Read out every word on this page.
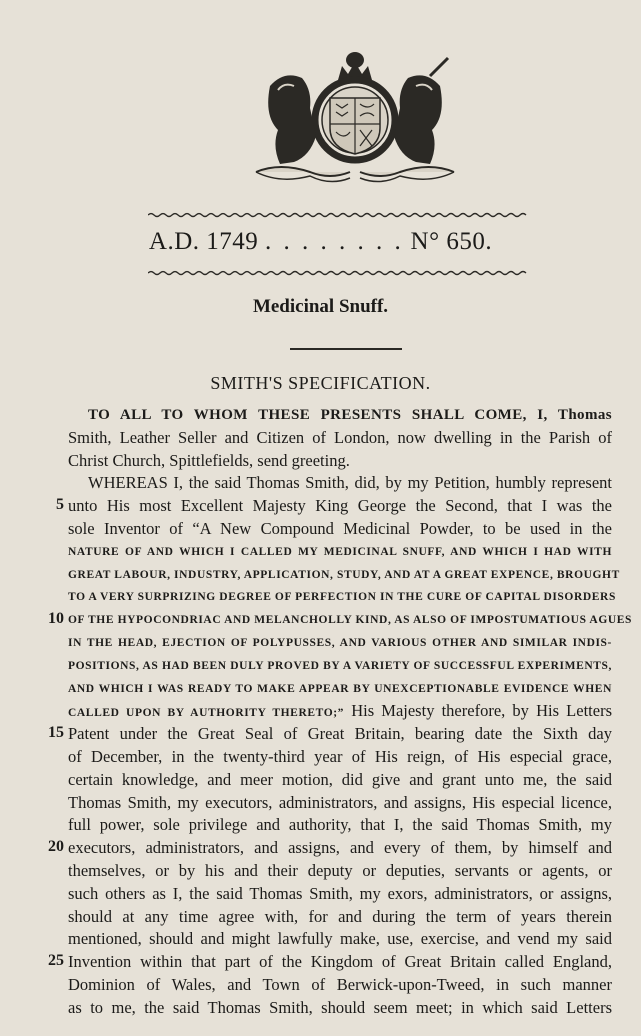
A.D. 1749 . . . . . . . . N° 650.
Medicinal Snuff.
SMITH'S SPECIFICATION.
TO ALL TO WHOM THESE PRESENTS SHALL COME, I, Thomas
Smith, Leather Seller and Citizen of London, now dwelling in the Parish of
Christ Church, Spittlefields, send greeting.
WHEREAS I, the said Thomas Smith, did, by my Petition, humbly represent
5 unto His most Excellent Majesty King George the Second, that I was the
sole Inventor of “A New Compound Medicinal Powder, to be used in the
NATURE OF AND WHICH I CALLED MY MEDICINAL SNUFF, AND WHICH I HAD WITH
GREAT LABOUR, INDUSTRY, APPLICATION, STUDY, AND AT A GREAT EXPENCE, BROUGHT
TO A VERY SURPRIZING DEGREE OF PERFECTION IN THE CURE OF CAPITAL DISORDERS
10 OF THE HYPOCONDRIAC AND MELANCHOLLY KIND, AS ALSO OF IMPOSTUMATIOUS AGUES
IN THE HEAD, EJECTION OF POLYPUSSES, AND VARIOUS OTHER AND SIMILAR INDIS-
POSITIONS, AS HAD BEEN DULY PROVED BY A VARIETY OF SUCCESSFUL EXPERIMENTS,
AND WHICH I WAS READY TO MAKE APPEAR BY UNEXCEPTIONABLE EVIDENCE WHEN
CALLED UPON BY AUTHORITY THERETO;” His Majesty therefore, by His Letters
15 Patent under the Great Seal of Great Britain, bearing date the Sixth day
of December, in the twenty-third year of His reign, of His especial grace,
certain knowledge, and meer motion, did give and grant unto me, the said
Thomas Smith, my executors, administrators, and assigns, His especial licence,
full power, sole privilege and authority, that I, the said Thomas Smith, my
20 executors, administrators, and assigns, and every of them, by himself and
themselves, or by his and their deputy or deputies, servants or agents, or
such others as I, the said Thomas Smith, my exors, administrators, or assigns,
should at any time agree with, for and during the term of years therein
mentioned, should and might lawfully make, use, exercise, and vend my said
25 Invention within that part of the Kingdom of Great Britain called England,
Dominion of Wales, and Town of Berwick-upon-Tweed, in such manner
as to me, the said Thomas Smith, should seem meet; in which said Letters
